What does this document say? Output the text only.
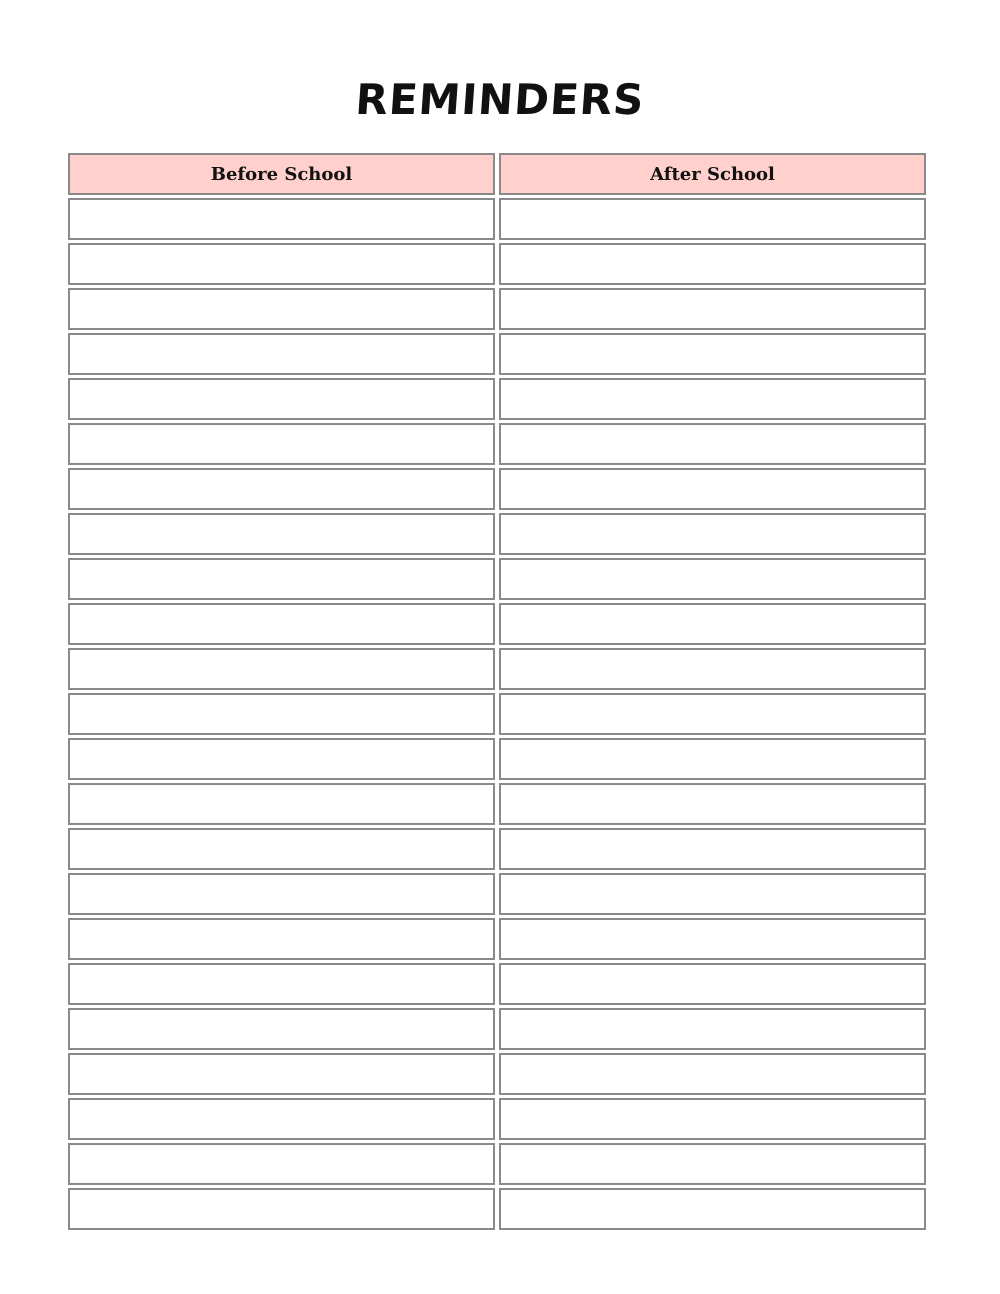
REMINDERS
Before School	After School
